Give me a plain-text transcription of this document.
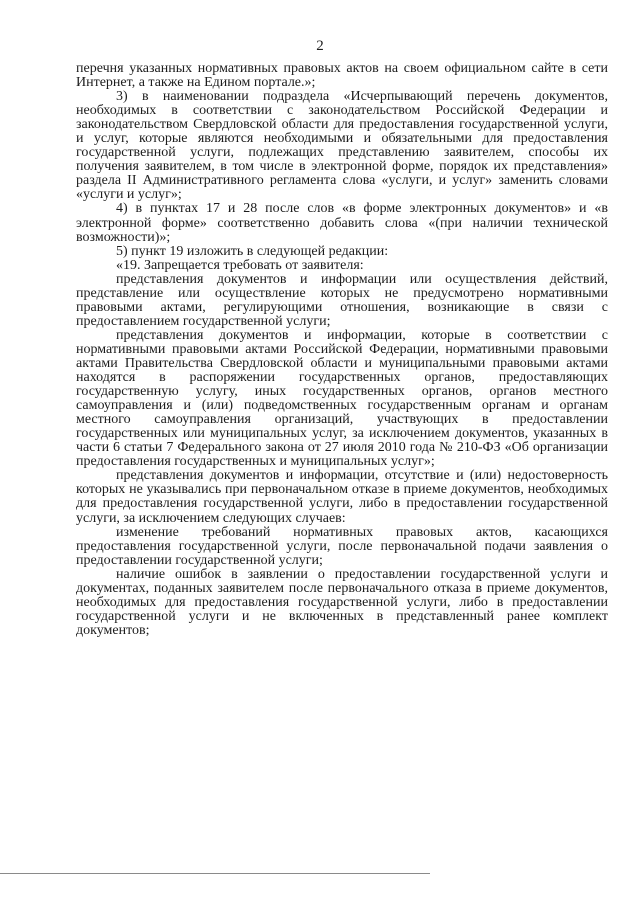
2

перечня указанных нормативных правовых актов на своем официальном сайте в сети Интернет, а также на Едином портале.»;

3) в наименовании подраздела «Исчерпывающий перечень документов, необходимых в соответствии с законодательством Российской Федерации и законодательством Свердловской области для предоставления государственной услуги, и услуг, которые являются необходимыми и обязательными для предоставления государственной услуги, подлежащих представлению заявителем, способы их получения заявителем, в том числе в электронной форме, порядок их представления» раздела II Административного регламента слова «услуги, и услуг» заменить словами «услуги и услуг»;

4) в пунктах 17 и 28 после слов «в форме электронных документов» и «в электронной форме» соответственно добавить слова «(при наличии технической возможности)»;

5) пункт 19 изложить в следующей редакции:

«19. Запрещается требовать от заявителя:

представления документов и информации или осуществления действий, представление или осуществление которых не предусмотрено нормативными правовыми актами, регулирующими отношения, возникающие в связи с предоставлением государственной услуги;

представления документов и информации, которые в соответствии с нормативными правовыми актами Российской Федерации, нормативными правовыми актами Правительства Свердловской области и муниципальными правовыми актами находятся в распоряжении государственных органов, предоставляющих государственную услугу, иных государственных органов, органов местного самоуправления и (или) подведомственных государственным органам и органам местного самоуправления организаций, участвующих в предоставлении государственных или муниципальных услуг, за исключением документов, указанных в части 6 статьи 7 Федерального закона от 27 июля 2010 года № 210-ФЗ «Об организации предоставления государственных и муниципальных услуг»;

представления документов и информации, отсутствие и (или) недостоверность которых не указывались при первоначальном отказе в приеме документов, необходимых для предоставления государственной услуги, либо в предоставлении государственной услуги, за исключением следующих случаев:

изменение требований нормативных правовых актов, касающихся предоставления государственной услуги, после первоначальной подачи заявления о предоставлении государственной услуги;

наличие ошибок в заявлении о предоставлении государственной услуги и документах, поданных заявителем после первоначального отказа в приеме документов, необходимых для предоставления государственной услуги, либо в предоставлении государственной услуги и не включенных в представленный ранее комплект документов;
